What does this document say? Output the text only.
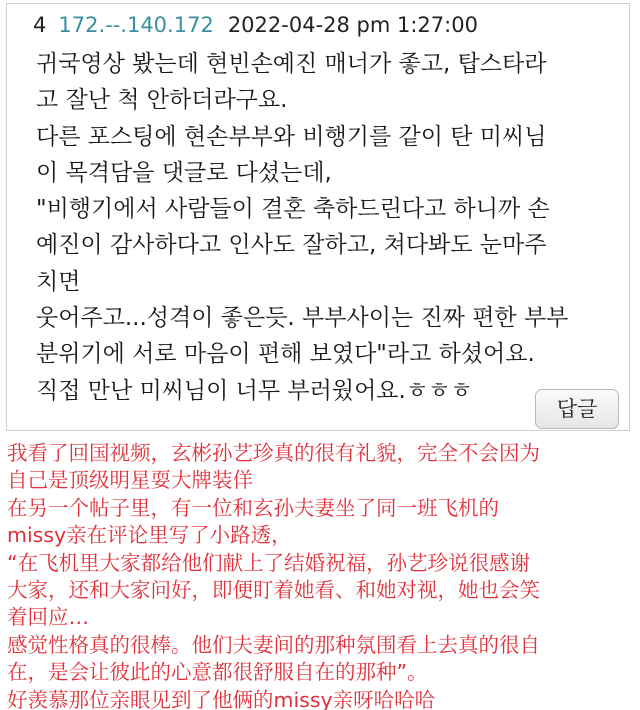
4 172.--.140.172 2022-04-28 pm 1:27:00
귀국영상 봤는데 현빈손예진 매너가 좋고, 탑스타라
고 잘난 척 안하더라구요.
다른 포스팅에 현손부부와 비행기를 같이 탄 미씨님
이 목격담을 댓글로 다셨는데,
"비행기에서 사람들이 결혼 축하드린다고 하니까 손
예진이 감사하다고 인사도 잘하고, 쳐다봐도 눈마주
치면
웃어주고...성격이 좋은듯. 부부사이는 진짜 편한 부부
분위기에 서로 마음이 편해 보였다"라고 하셨어요.
직접 만난 미씨님이 너무 부러웠어요.ㅎㅎㅎ
답글
我看了回国视频，玄彬孙艺珍真的很有礼貌，完全不会因为
自己是顶级明星耍大牌装佯
在另一个帖子里，有一位和玄孙夫妻坐了同一班飞机的
missy亲在评论里写了小路透，
“在飞机里大家都给他们献上了结婚祝福，孙艺珍说很感谢
大家，还和大家问好，即便盯着她看、和她对视，她也会笑
着回应…
感觉性格真的很棒。他们夫妻间的那种氛围看上去真的很自
在，是会让彼此的心意都很舒服自在的那种”。
好羡慕那位亲眼见到了他俩的missy亲呀哈哈哈
